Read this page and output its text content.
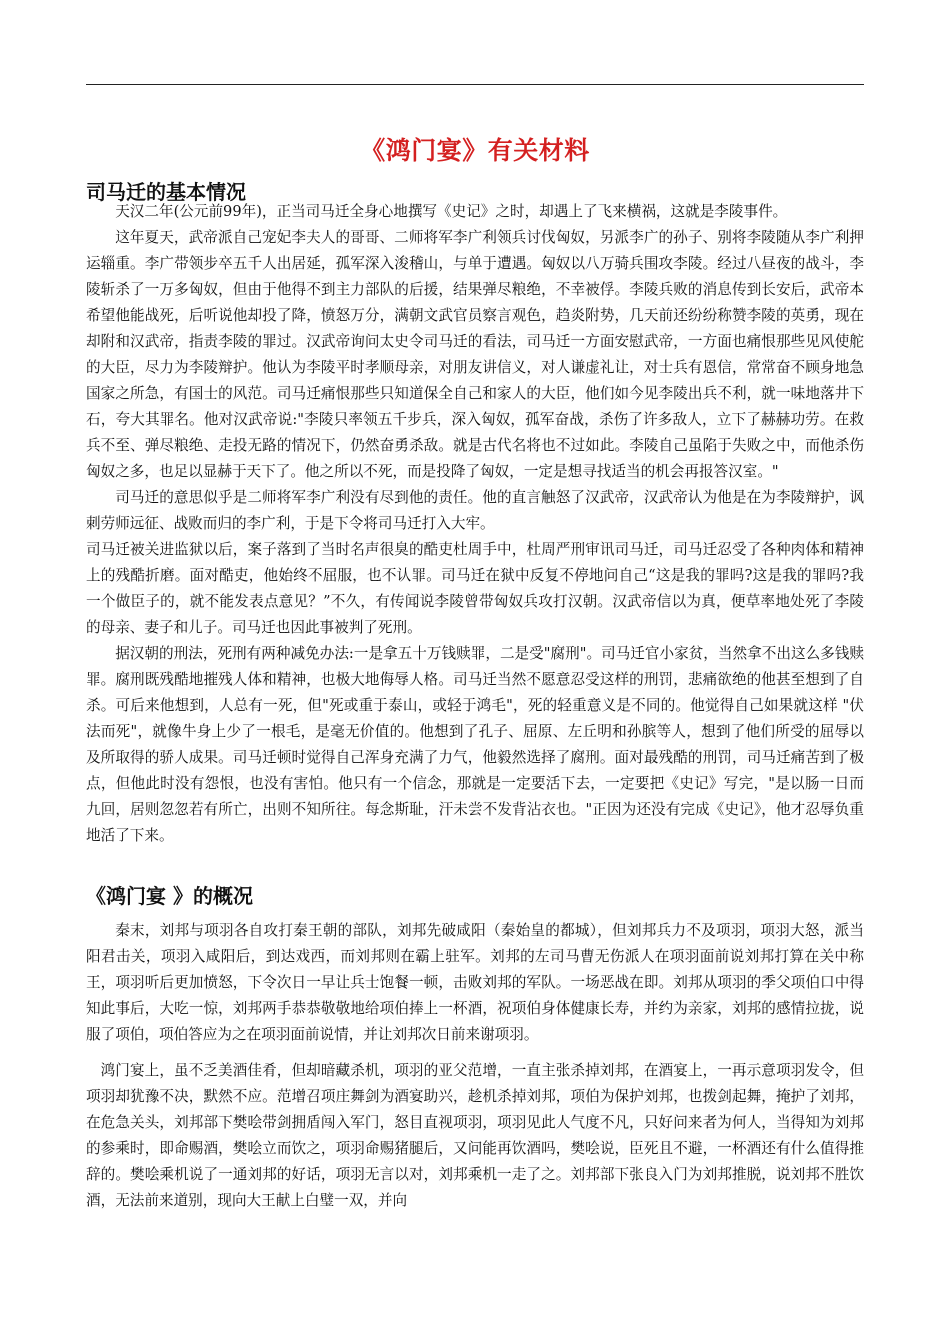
《鸿门宴》有关材料
司马迁的基本情况

天汉二年(公元前99年)，正当司马迁全身心地撰写《史记》之时，却遇上了飞来横祸，这就是李陵事件。

这年夏天，武帝派自己宠妃李夫人的哥哥、二师将军李广利领兵讨伐匈奴，另派李广的孙子、别将李陵随从李广利押运辎重。李广带领步卒五千人出居延，孤军深入浚稽山，与单于遭遇。匈奴以八万骑兵围攻李陵。经过八昼夜的战斗，李陵斩杀了一万多匈奴，但由于他得不到主力部队的后援，结果弹尽粮绝，不幸被俘。李陵兵败的消息传到长安后，武帝本希望他能战死，后听说他却投了降，愤怒万分，满朝文武官员察言观色，趋炎附势，几天前还纷纷称赞李陵的英勇，现在却附和汉武帝，指责李陵的罪过。汉武帝询问太史令司马迁的看法，司马迁一方面安慰武帝，一方面也痛恨那些见风使舵的大臣，尽力为李陵辩护。他认为李陵平时孝顺母亲，对朋友讲信义，对人谦虚礼让，对士兵有恩信，常常奋不顾身地急国家之所急，有国士的风范。司马迁痛恨那些只知道保全自己和家人的大臣，他们如今见李陵出兵不利，就一味地落井下石，夸大其罪名。他对汉武帝说:"李陵只率领五千步兵，深入匈奴，孤军奋战，杀伤了许多敌人，立下了赫赫功劳。在救兵不至、弹尽粮绝、走投无路的情况下，仍然奋勇杀敌。就是古代名将也不过如此。李陵自己虽陷于失败之中，而他杀伤匈奴之多，也足以显赫于天下了。他之所以不死，而是投降了匈奴，一定是想寻找适当的机会再报答汉室。"

司马迁的意思似乎是二师将军李广利没有尽到他的责任。他的直言触怒了汉武帝，汉武帝认为他是在为李陵辩护，讽刺劳师远征、战败而归的李广利，于是下令将司马迁打入大牢。

司马迁被关进监狱以后，案子落到了当时名声很臭的酷吏杜周手中，杜周严刑审讯司马迁，司马迁忍受了各种肉体和精神上的残酷折磨。面对酷吏，他始终不屈服，也不认罪。司马迁在狱中反复不停地问自己“这是我的罪吗?这是我的罪吗?我一个做臣子的，就不能发表点意见？”不久，有传闻说李陵曾带匈奴兵攻打汉朝。汉武帝信以为真，便草率地处死了李陵的母亲、妻子和儿子。司马迁也因此事被判了死刑。

据汉朝的刑法，死刑有两种减免办法:一是拿五十万钱赎罪，二是受"腐刑"。司马迁官小家贫，当然拿不出这么多钱赎罪。腐刑既残酷地摧残人体和精神，也极大地侮辱人格。司马迁当然不愿意忍受这样的刑罚，悲痛欲绝的他甚至想到了自杀。可后来他想到，人总有一死，但"死或重于泰山，或轻于鸿毛"，死的轻重意义是不同的。他觉得自己如果就这样 "伏法而死"，就像牛身上少了一根毛，是毫无价值的。他想到了孔子、屈原、左丘明和孙膑等人，想到了他们所受的屈辱以及所取得的骄人成果。司马迁顿时觉得自己浑身充满了力气，他毅然选择了腐刑。面对最残酷的刑罚，司马迁痛苦到了极点，但他此时没有怨恨，也没有害怕。他只有一个信念，那就是一定要活下去，一定要把《史记》写完，"是以肠一日而九回，居则忽忽若有所亡，出则不知所往。每念斯耻，汗未尝不发背沾衣也。"正因为还没有完成《史记》，他才忍辱负重地活了下来。

《鸿门宴 》的概况

秦末，刘邦与项羽各自攻打秦王朝的部队，刘邦先破咸阳（秦始皇的都城），但刘邦兵力不及项羽，项羽大怒，派当阳君击关，项羽入咸阳后，到达戏西，而刘邦则在霸上驻军。刘邦的左司马曹无伤派人在项羽面前说刘邦打算在关中称王，项羽听后更加愤怒，下令次日一早让兵士饱餐一顿，击败刘邦的军队。一场恶战在即。刘邦从项羽的季父项伯口中得知此事后，大吃一惊，刘邦两手恭恭敬敬地给项伯捧上一杯酒，祝项伯身体健康长寿，并约为亲家，刘邦的感情拉拢，说服了项伯，项伯答应为之在项羽面前说情，并让刘邦次日前来谢项羽。

鸿门宴上，虽不乏美酒佳肴，但却暗藏杀机，项羽的亚父范增，一直主张杀掉刘邦，在酒宴上，一再示意项羽发令，但项羽却犹豫不决，默然不应。范增召项庄舞剑为酒宴助兴，趁机杀掉刘邦，项伯为保护刘邦，也拨剑起舞，掩护了刘邦，在危急关头，刘邦部下樊哙带剑拥盾闯入军门，怒目直视项羽，项羽见此人气度不凡，只好问来者为何人，当得知为刘邦的参乘时，即命赐酒，樊哙立而饮之，项羽命赐猪腿后，又问能再饮酒吗，樊哙说，臣死且不避，一杯酒还有什么值得推辞的。樊哙乘机说了一通刘邦的好话，项羽无言以对，刘邦乘机一走了之。刘邦部下张良入门为刘邦推脱，说刘邦不胜饮酒，无法前来道别，现向大王献上白璧一双，并向
